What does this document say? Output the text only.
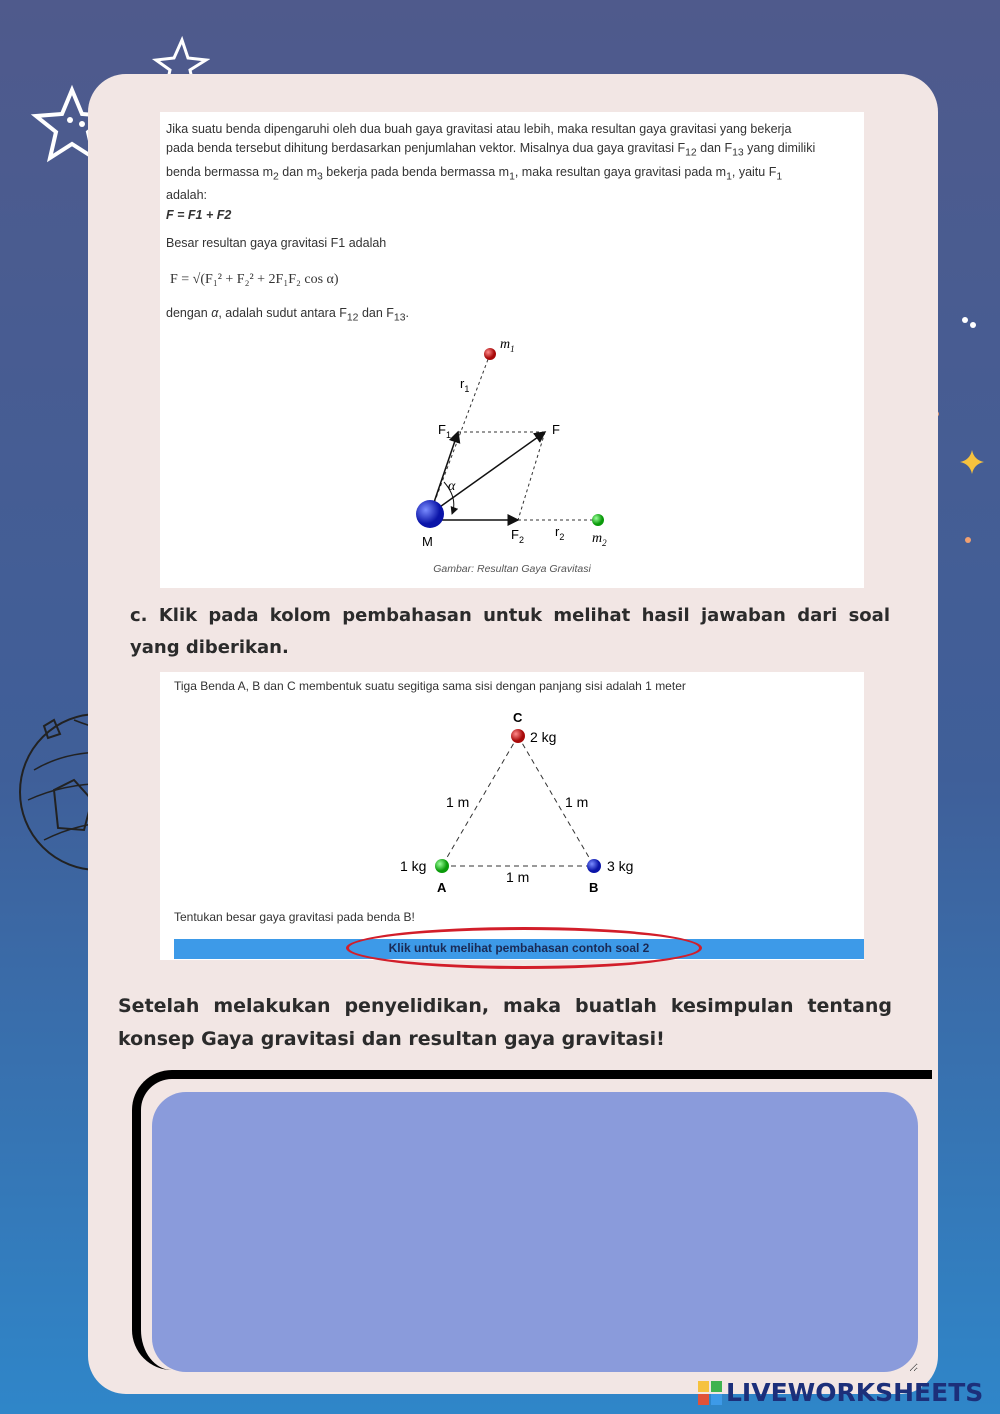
Jika suatu benda dipengaruhi oleh dua buah gaya gravitasi atau lebih, maka resultan gaya gravitasi yang bekerja
pada benda tersebut dihitung berdasarkan penjumlahan vektor. Misalnya dua gaya gravitasi $F_{12}$ dan $F_{13}$ yang dimiliki
benda bermassa $m_2$ dan $m_3$ bekerja pada benda bermassa $m_1$, maka resultan gaya gravitasi pada $m_1$, yaitu $F_1$
adalah:
F = F1 + F2
Besar resultan gaya gravitasi F1 adalah
F = √(F₁² + F₂² + 2F₁F₂ cos α)
dengan α, adalah sudut antara $F_{12}$ dan $F_{13}$.
$m_1$
$r_1$
$F_1$	F
α
M	$F_2$
$r_2$ $m_2$
Gambar: Resultan Gaya Gravitasi
c. Klik pada kolom pembahasan untuk melihat hasil jawaban dari soal yang diberikan.
Tiga Benda A, B dan C membentuk suatu segitiga sama sisi dengan panjang sisi adalah 1 meter
C
2 kg
1 m	1 m
1 kg
A
1 m
3 kg
B
Tentukan besar gaya gravitasi pada benda B!
Klik untuk melihat pembahasan contoh soal 2
Setelah melakukan penyelidikan, maka buatlah kesimpulan tentang konsep Gaya gravitasi dan resultan gaya gravitasi!
LIVEWORKSHEETS
